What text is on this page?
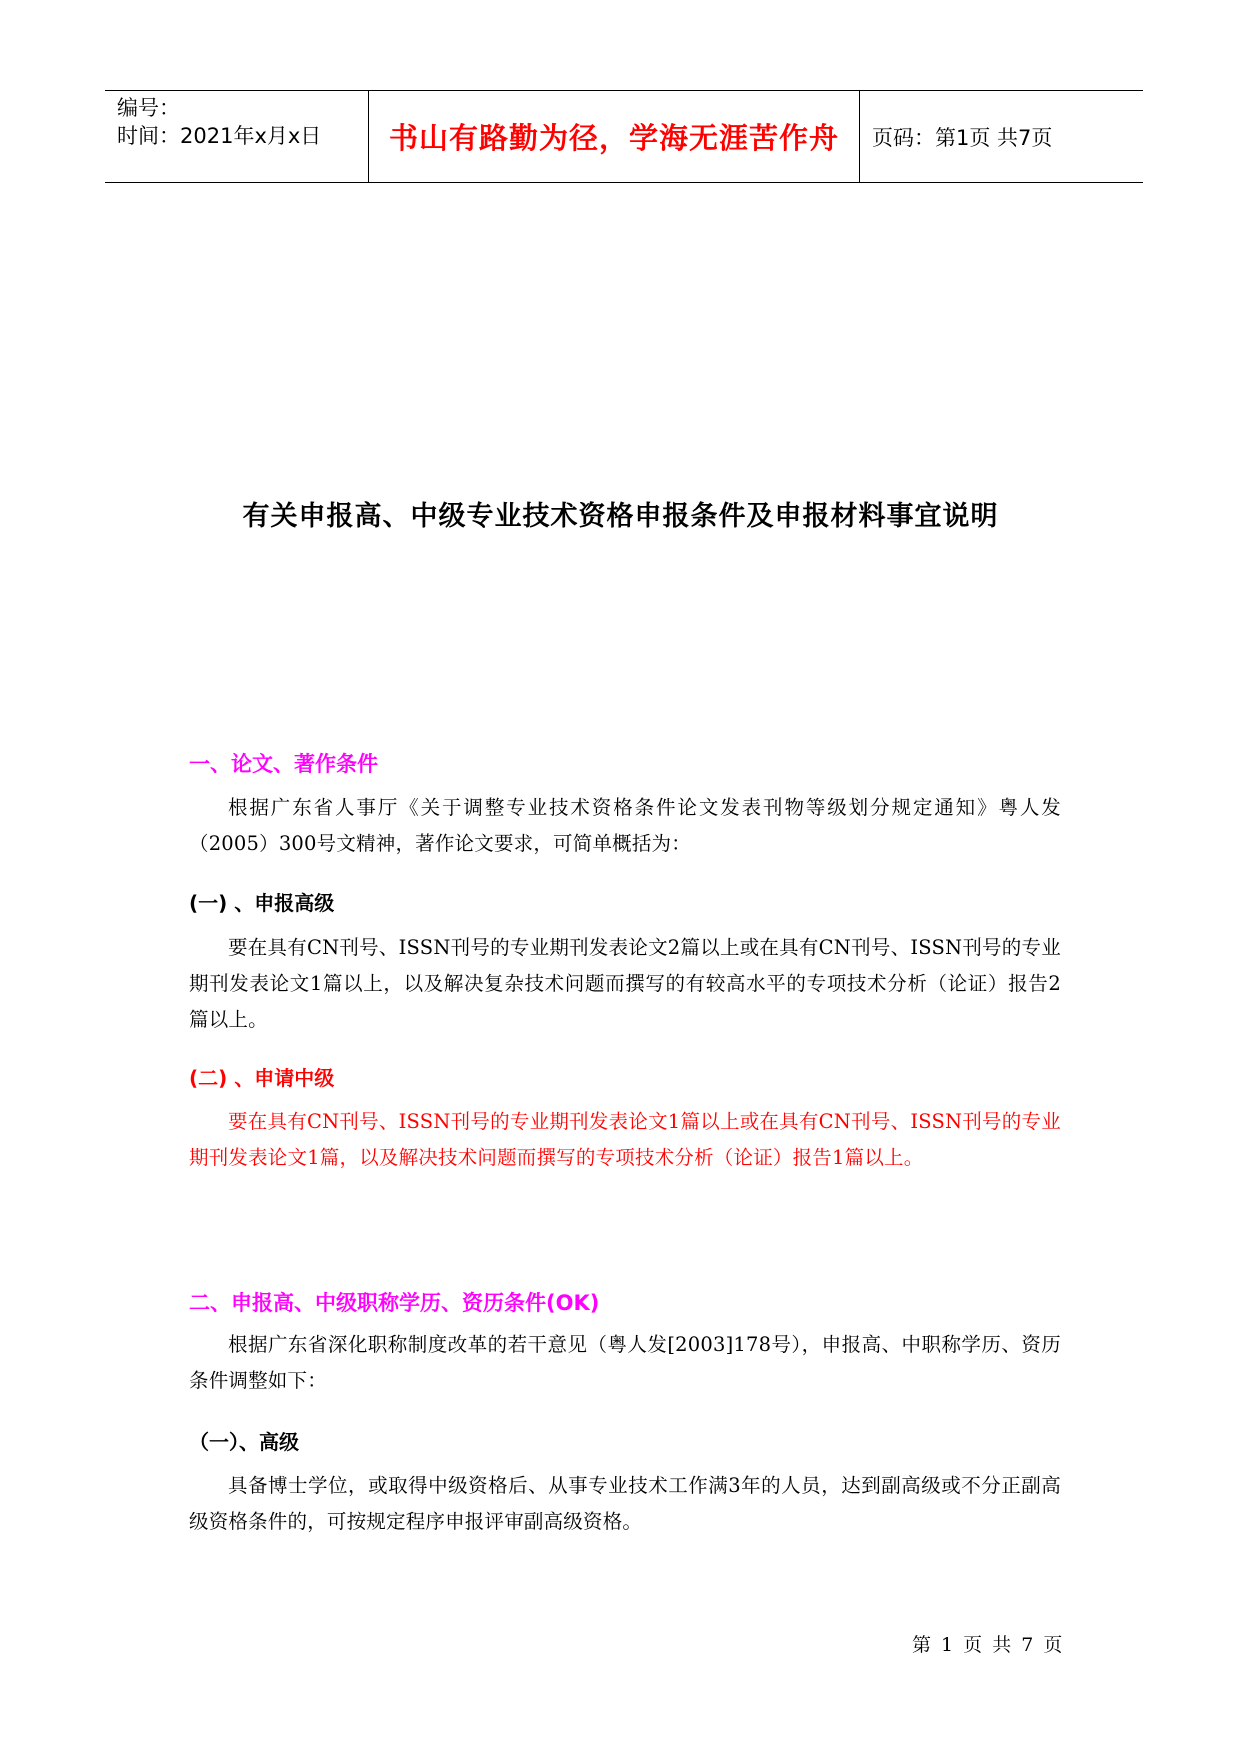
编号：
时间：2021年x月x日	书山有路勤为径，学海无涯苦作舟 页码：第1页 共7页
有关申报高、中级专业技术资格申报条件及申报材料事宜说明
一、论文、著作条件
根据广东省人事厅《关于调整专业技术资格条件论文发表刊物等级划分规定通知》粤人发（2005）300号文精神，著作论文要求，可简单概括为：
(一) 、申报高级
要在具有CN刊号、ISSN刊号的专业期刊发表论文2篇以上或在具有CN刊号、ISSN刊号的专业期刊发表论文1篇以上，以及解决复杂技术问题而撰写的有较高水平的专项技术分析（论证）报告2篇以上。
(二) 、申请中级
要在具有CN刊号、ISSN刊号的专业期刊发表论文1篇以上或在具有CN刊号、ISSN刊号的专业期刊发表论文1篇，以及解决技术问题而撰写的专项技术分析（论证）报告1篇以上。
二、申报高、中级职称学历、资历条件(OK)
根据广东省深化职称制度改革的若干意见（粤人发[2003]178号），申报高、中职称学历、资历条件调整如下：
（一）、高级
具备博士学位，或取得中级资格后、从事专业技术工作满3年的人员，达到副高级或不分正副高级资格条件的，可按规定程序申报评审副高级资格。
第 1 页 共 7 页
